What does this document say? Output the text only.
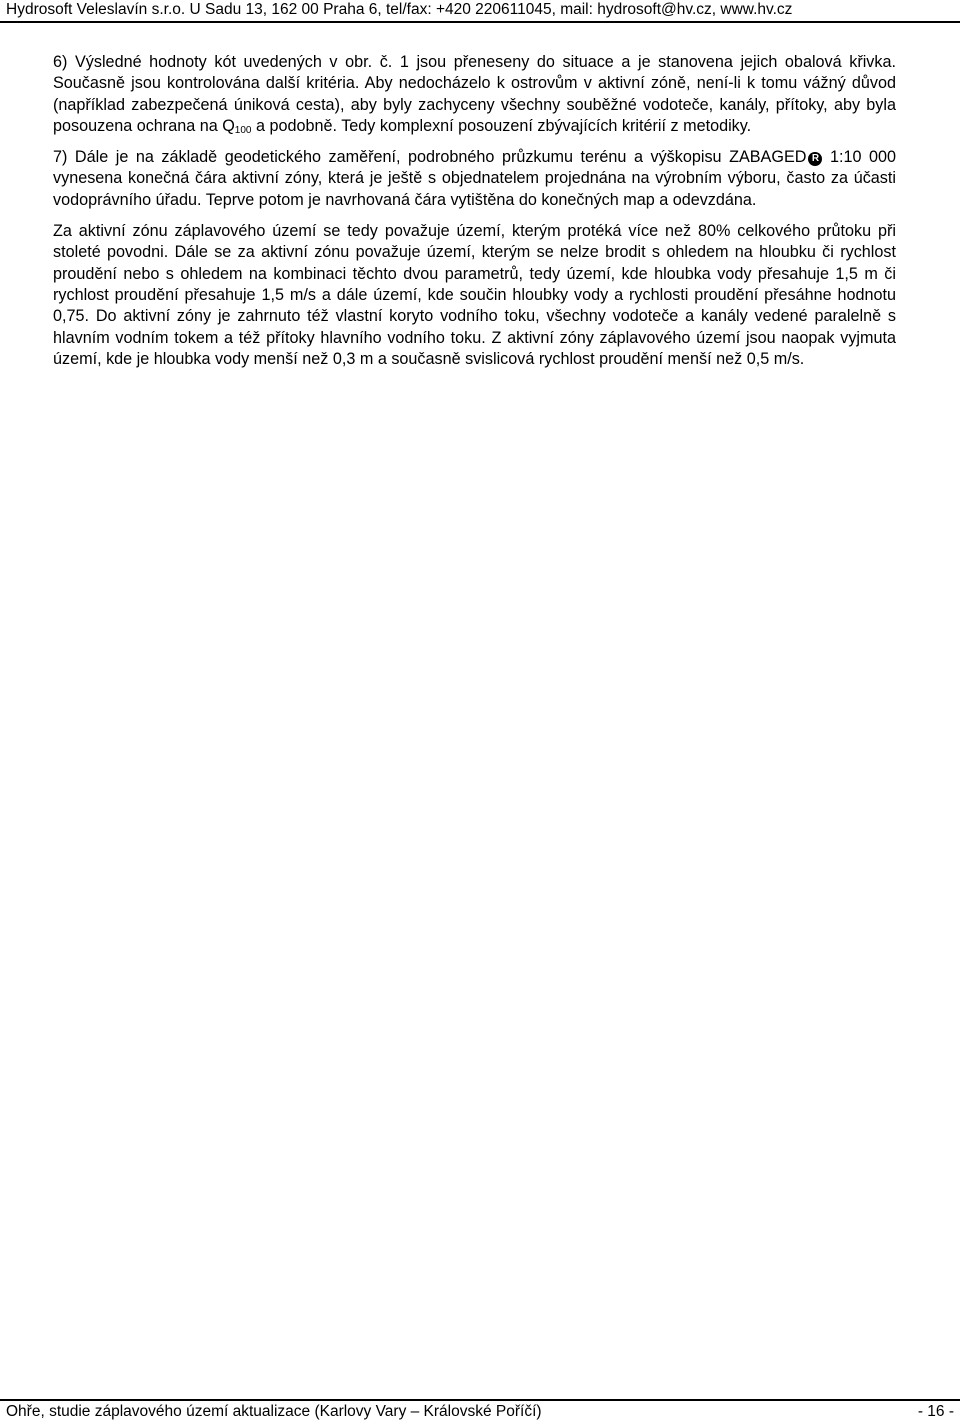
Hydrosoft Veleslavín s.r.o. U Sadu 13, 162 00 Praha 6, tel/fax: +420 220611045, mail: hydrosoft@hv.cz, www.hv.cz

6) Výsledné hodnoty kót uvedených v obr. č. 1 jsou přeneseny do situace a je stanovena jejich obalová křivka. Současně jsou kontrolována další kritéria. Aby nedocházelo k ostrovům v aktivní zóně, není-li k tomu vážný důvod (například zabezpečená úniková cesta), aby byly zachyceny všechny souběžné vodoteče, kanály, přítoky, aby byla posouzena ochrana na $Q_{100}$ a podobně. Tedy komplexní posouzení zbývajících kritérií z metodiky.

7) Dále je na základě geodetického zaměření, podrobného průzkumu terénu a výškopisu ZABAGED R 1:10 000 vynesena konečná čára aktivní zóny, která je ještě s objednatelem projednána na výrobním výboru, často za účasti vodoprávního úřadu. Teprve potom je navrhovaná čára vytištěna do konečných map a odevzdána.

Za aktivní zónu záplavového území se tedy považuje území, kterým protéká více než 80% celkového průtoku při stoleté povodni. Dále se za aktivní zónu považuje území, kterým se nelze brodit s ohledem na hloubku či rychlost proudění nebo s ohledem na kombinaci těchto dvou parametrů, tedy území, kde hloubka vody přesahuje 1,5 m či rychlost proudění přesahuje 1,5 m/s a dále území, kde součin hloubky vody a rychlosti proudění přesáhne hodnotu 0,75. Do aktivní zóny je zahrnuto též vlastní koryto vodního toku, všechny vodoteče a kanály vedené paralelně s hlavním vodním tokem a též přítoky hlavního vodního toku. Z aktivní zóny záplavového území jsou naopak vyjmuta území, kde je hloubka vody menší než 0,3 m a současně svislicová rychlost proudění menší než 0,5 m/s.

Ohře, studie záplavového území aktualizace (Karlovy Vary – Královské Poříčí)	- 16 -
